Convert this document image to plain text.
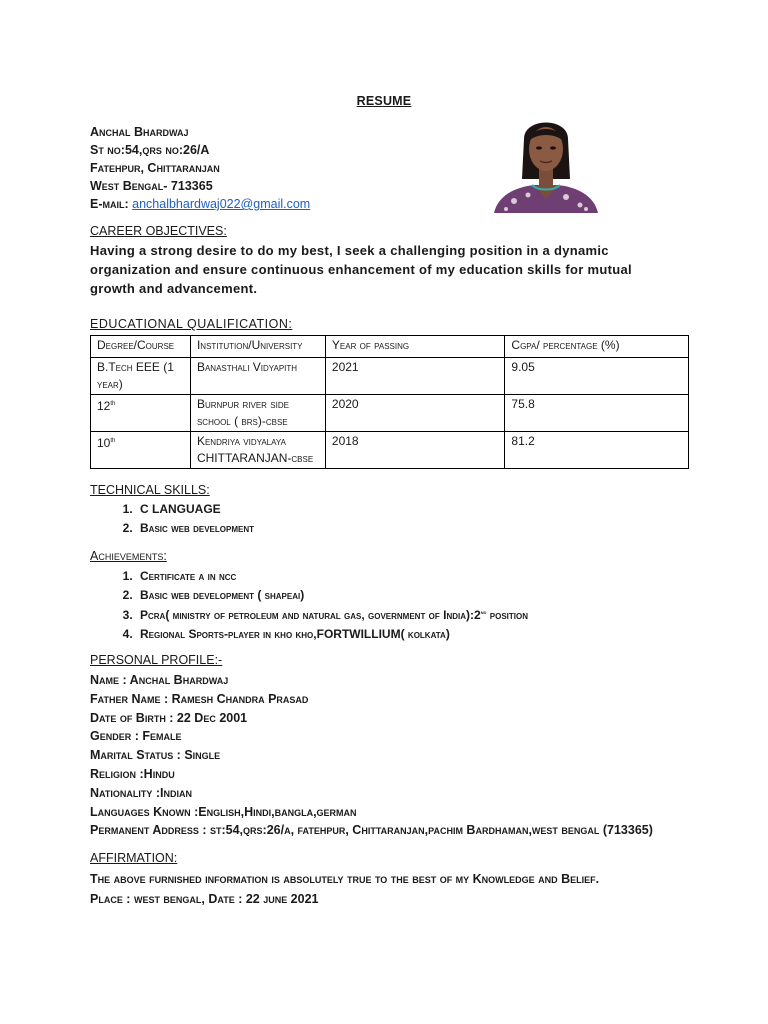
RESUME
Anchal Bhardwaj
St no:54,qrs no:26/A
Fatehpur, Chittaranjan
West Bengal- 713365
E-mail: anchalbhardwaj022@gmail.com
CAREER OBJECTIVES:
Having a strong desire to do my best, I seek a challenging position in a dynamic organization and ensure continuous enhancement of my education skills for mutual growth and advancement.
EDUCATIONAL QUALIFICATION:
Degree/Course	Institution/University	Year of passing	Cgpa/ percentage (%)
B.Tech EEE (1 year)	Banasthali Vidyapith	2021	9.05
12th	Burnpur river side school ( brs)-cbse	2020	75.8
10th	Kendriya vidyalaya CHITTARANJAN-cbse	2018	81.2
TECHNICAL SKILLS:
1. C LANGUAGE
2. Basic web development
Achievements:
1. Certificate a in ncc
2. Basic web development ( shapeai)
3. Pcra( ministry of petroleum and natural gas, government of India):2nd position
4. Regional Sports-player in kho kho,FORTWILLIUM( kolkata)
PERSONAL PROFILE:-
Name : Anchal Bhardwaj
Father Name : Ramesh Chandra Prasad
Date of Birth : 22 Dec 2001
Gender : Female
Marital Status : Single
Religion :Hindu
Nationality :Indian
Languages Known :English,Hindi,bangla,german
Permanent Address : st:54,qrs:26/a, fatehpur, Chittaranjan,pachim Bardhaman,west bengal (713365)
AFFIRMATION:
The above furnished information is absolutely true to the best of my Knowledge and Belief.
Place : west bengal, Date : 22 june 2021
